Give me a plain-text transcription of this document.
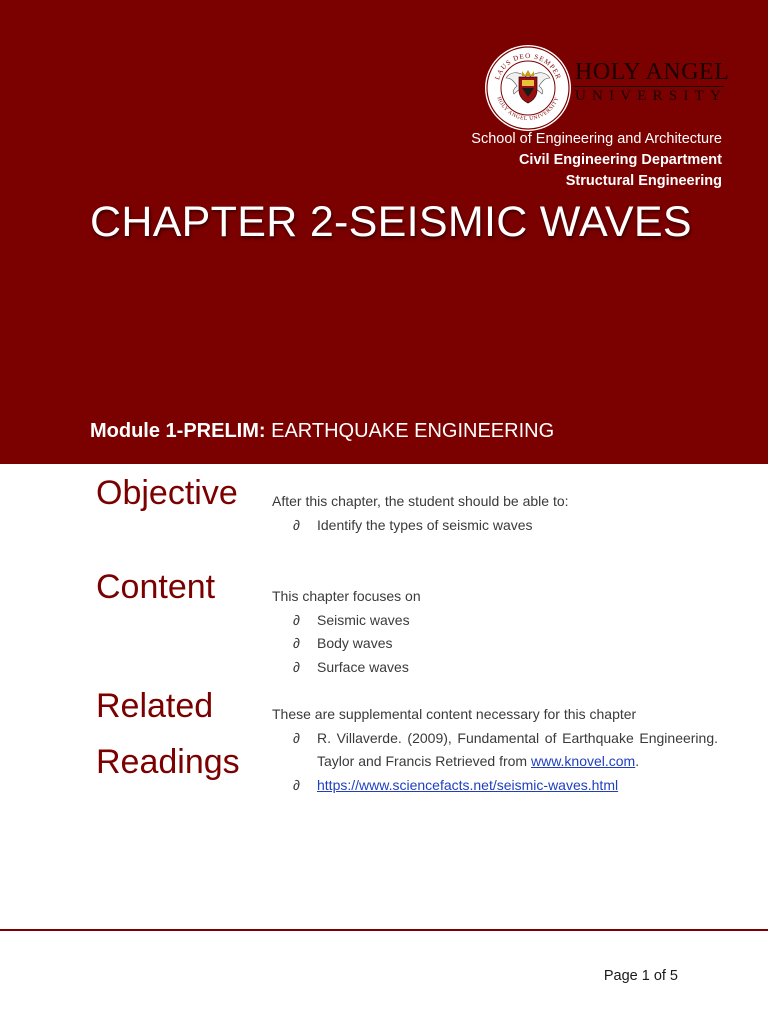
LAUS DEO SEMPER
HOLY ANGEL UNIVERSITY
HOLY ANGEL
UNIVERSITY
School of Engineering and Architecture
Civil Engineering Department
Structural Engineering
CHAPTER 2-SEISMIC WAVES
Module 1-PRELIM: EARTHQUAKE ENGINEERING
Objective After this chapter, the student should be able to:
∂ Identify the types of seismic waves
Content	This chapter focuses on
∂ Seismic waves
∂ Body waves
∂ Surface waves
Related
Readings
These are supplemental content necessary for this chapter
∂ R. Villaverde. (2009), Fundamental of Earthquake Engineering. Taylor and Francis Retrieved from www.knovel.com.
∂ https://www.sciencefacts.net/seismic-waves.html
Page 1 of 5
